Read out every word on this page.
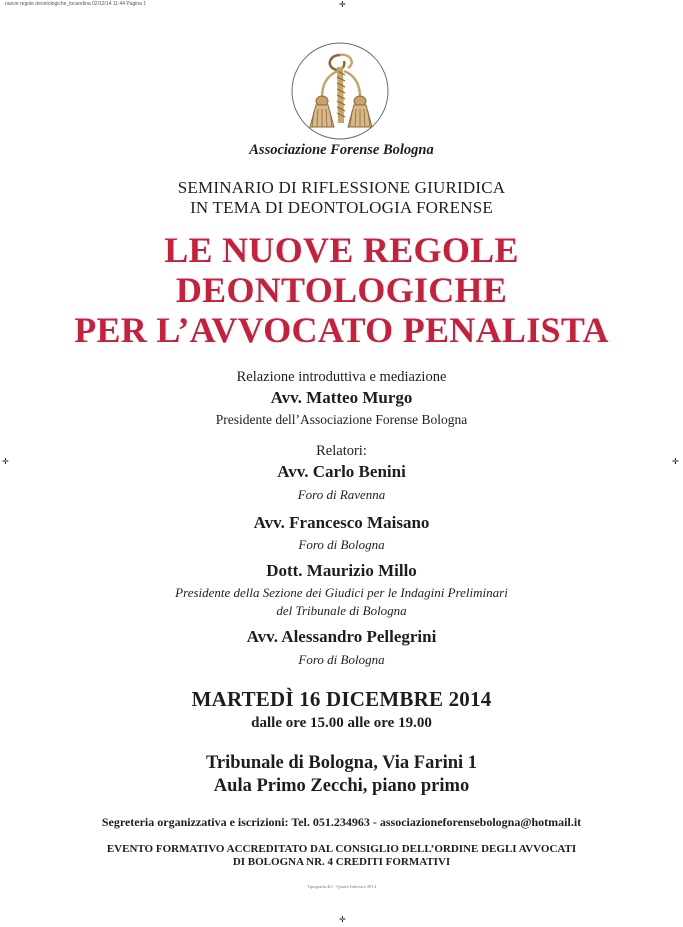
nuove regole deontologiche_locandina 02/12/14 11:44 Pagina 1	✛
✛	✛
✛
Associazione Forense Bologna
SEMINARIO DI RIFLESSIONE GIURIDICA
IN TEMA DI DEONTOLOGIA FORENSE
LE NUOVE REGOLE
DEONTOLOGICHE
PER L’AVVOCATO PENALISTA
Relazione introduttiva e mediazione
Avv. Matteo Murgo
Presidente dell’Associazione Forense Bologna
Relatori:
Avv. Carlo Benini
Foro di Ravenna
Avv. Francesco Maisano
Foro di Bologna
Dott. Maurizio Millo
Presidente della Sezione dei Giudici per le Indagini Preliminari
del Tribunale di Bologna
Avv. Alessandro Pellegrini
Foro di Bologna
MARTEDÌ 16 DICEMBRE 2014
dalle ore 15.00 alle ore 19.00
Tribunale di Bologna, Via Farini 1
Aula Primo Zecchi, piano primo
Segreteria organizzativa e iscrizioni: Tel. 051.234963 - associazioneforensebologna@hotmail.it
EVENTO FORMATIVO ACCREDITATO DAL CONSIGLIO DELL’ORDINE DEGLI AVVOCATI
DI BOLOGNA NR. 4 CREDITI FORMATIVI
Tipografia 4G - Quarto Inferiore 2014
